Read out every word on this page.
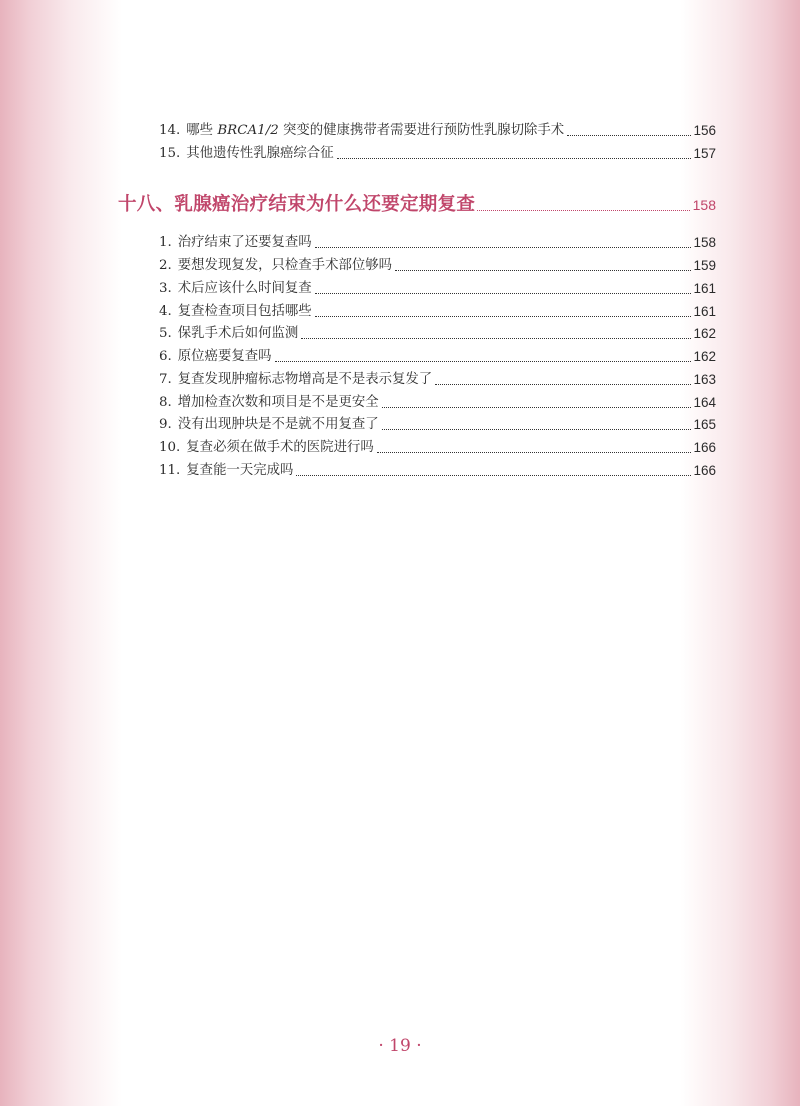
14. 哪些 BRCA1/2 突变的健康携带者需要进行预防性乳腺切除手术	156
15. 其他遗传性乳腺癌综合征	157
十八、乳腺癌治疗结束为什么还要定期复查	158
1. 治疗结束了还要复查吗	158
2. 要想发现复发，只检查手术部位够吗	159
3. 术后应该什么时间复查	161
4. 复查检查项目包括哪些	161
5. 保乳手术后如何监测	162
6. 原位癌要复查吗	162
7. 复查发现肿瘤标志物增高是不是表示复发了	163
8. 增加检查次数和项目是不是更安全	164
9. 没有出现肿块是不是就不用复查了	165
10. 复查必须在做手术的医院进行吗	166
11. 复查能一天完成吗	166
· 19 ·
